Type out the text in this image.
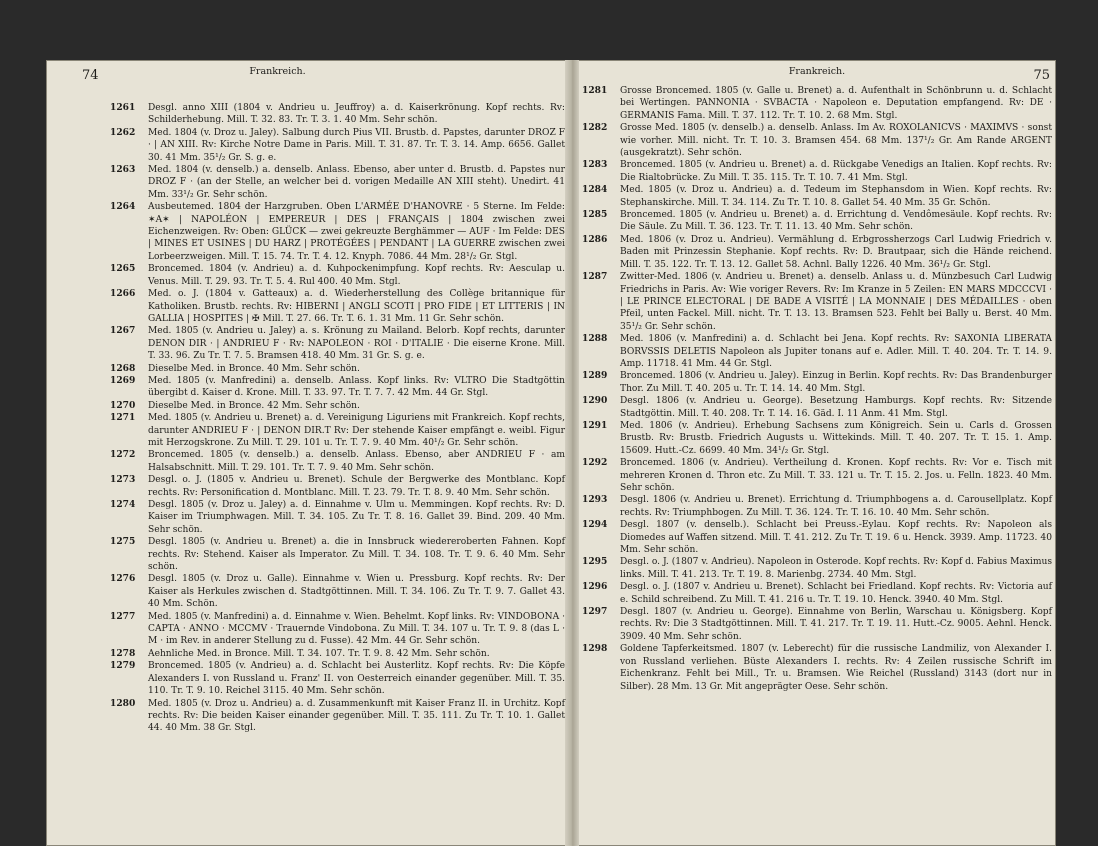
74	Frankreich.
1261	Desgl. anno XIII (1804 v. Andrieu u. Jeuffroy) a. d. Kaiserkrönung. Kopf rechts. Rv: Schilderhebung. Mill. T. 32. 83. Tr. T. 3. 1. 40 Mm. Sehr schön.
1262	Med. 1804 (v. Droz u. Jaley). Salbung durch Pius VII. Brustb. d. Papstes, darunter DROZ F · | AN XIII. Rv: Kirche Notre Dame in Paris. Mill. T. 31. 87. Tr. T. 3. 14. Amp. 6656. Gallet 30. 41 Mm. 35¹/₂ Gr. S. g. e.
1263	Med. 1804 (v. denselb.) a. denselb. Anlass. Ebenso, aber unter d. Brustb. d. Papstes nur DROZ F · (an der Stelle, an welcher bei d. vorigen Medaille AN XIII steht). Unedirt. 41 Mm. 33¹/₂ Gr. Sehr schön.
1264	Ausbeutemed. 1804 der Harzgruben. Oben L'ARMÉE D'HANOVRE · 5 Sterne. Im Felde: ✶A✶ | NAPOLÉON | EMPEREUR | DES | FRANÇAIS | 1804 zwischen zwei Eichenzweigen. Rv: Oben: GLÜCK — zwei gekreuzte Berghämmer — AUF · Im Felde: DES | MINES ET USINES | DU HARZ | PROTÉGÉES | PENDANT | LA GUERRE zwischen zwei Lorbeerzweigen. Mill. T. 15. 74. Tr. T. 4. 12. Knyph. 7086. 44 Mm. 28¹/₂ Gr. Stgl.
1265	Broncemed. 1804 (v. Andrieu) a. d. Kuhpockenimpfung. Kopf rechts. Rv: Aesculap u. Venus. Mill. T. 29. 93. Tr. T. 5. 4. Rul 400. 40 Mm. Stgl.
1266	Med. o. J. (1804 v. Gatteaux) a. d. Wiederherstellung des Collège britannique für Katholiken. Brustb. rechts. Rv: HIBERNI | ANGLI SCOTI | PRO FIDE | ET LITTERIS | IN GALLIA | HOSPITES | ✠ Mill. T. 27. 66. Tr. T. 6. 1. 31 Mm. 11 Gr. Sehr schön.
1267	Med. 1805 (v. Andrieu u. Jaley) a. s. Krönung zu Mailand. Belorb. Kopf rechts, darunter DENON DIR · | ANDRIEU F · Rv: NAPOLEON · ROI · D'ITALIE · Die eiserne Krone. Mill. T. 33. 96. Zu Tr. T. 7. 5. Bramsen 418. 40 Mm. 31 Gr. S. g. e.
1268	Dieselbe Med. in Bronce. 40 Mm. Sehr schön.
1269	Med. 1805 (v. Manfredini) a. denselb. Anlass. Kopf links. Rv: VLTRO Die Stadtgöttin übergibt d. Kaiser d. Krone. Mill. T. 33. 97. Tr. T. 7. 7. 42 Mm. 44 Gr. Stgl.
1270	Dieselbe Med. in Bronce. 42 Mm. Sehr schön.
1271	Med. 1805 (v. Andrieu u. Brenet) a. d. Vereinigung Liguriens mit Frankreich. Kopf rechts, darunter ANDRIEU F · | DENON DIR.T Rv: Der stehende Kaiser empfängt e. weibl. Figur mit Herzogskrone. Zu Mill. T. 29. 101 u. Tr. T. 7. 9. 40 Mm. 40¹/₂ Gr. Sehr schön.
1272	Broncemed. 1805 (v. denselb.) a. denselb. Anlass. Ebenso, aber ANDRIEU F · am Halsabschnitt. Mill. T. 29. 101. Tr. T. 7. 9. 40 Mm. Sehr schön.
1273	Desgl. o. J. (1805 v. Andrieu u. Brenet). Schule der Bergwerke des Montblanc. Kopf rechts. Rv: Personification d. Montblanc. Mill. T. 23. 79. Tr. T. 8. 9. 40 Mm. Sehr schön.
1274	Desgl. 1805 (v. Droz u. Jaley) a. d. Einnahme v. Ulm u. Memmingen. Kopf rechts. Rv: D. Kaiser im Triumphwagen. Mill. T. 34. 105. Zu Tr. T. 8. 16. Gallet 39. Bind. 209. 40 Mm. Sehr schön.
1275	Desgl. 1805 (v. Andrieu u. Brenet) a. die in Innsbruck wiedereroberten Fahnen. Kopf rechts. Rv: Stehend. Kaiser als Imperator. Zu Mill. T. 34. 108. Tr. T. 9. 6. 40 Mm. Sehr schön.
1276	Desgl. 1805 (v. Droz u. Galle). Einnahme v. Wien u. Pressburg. Kopf rechts. Rv: Der Kaiser als Herkules zwischen d. Stadtgöttinnen. Mill. T. 34. 106. Zu Tr. T. 9. 7. Gallet 43. 40 Mm. Schön.
1277	Med. 1805 (v. Manfredini) a. d. Einnahme v. Wien. Behelmt. Kopf links. Rv: VINDOBONA · CAPTA · ANNO · MCCMV · Trauernde Vindobona. Zu Mill. T. 34. 107 u. Tr. T. 9. 8 (das L · M · im Rev. in anderer Stellung zu d. Fusse). 42 Mm. 44 Gr. Sehr schön.
1278	Aehnliche Med. in Bronce. Mill. T. 34. 107. Tr. T. 9. 8. 42 Mm. Sehr schön.
1279	Broncemed. 1805 (v. Andrieu) a. d. Schlacht bei Austerlitz. Kopf rechts. Rv: Die Köpfe Alexanders I. von Russland u. Franz' II. von Oesterreich einander gegenüber. Mill. T. 35. 110. Tr. T. 9. 10. Reichel 3115. 40 Mm. Sehr schön.
1280	Med. 1805 (v. Droz u. Andrieu) a. d. Zusammenkunft mit Kaiser Franz II. in Urchitz. Kopf rechts. Rv: Die beiden Kaiser einander gegenüber. Mill. T. 35. 111. Zu Tr. T. 10. 1. Gallet 44. 40 Mm. 38 Gr. Stgl.
Frankreich.	75
1281	Grosse Broncemed. 1805 (v. Galle u. Brenet) a. d. Aufenthalt in Schönbrunn u. d. Schlacht bei Wertingen. PANNONIA · SVBACTA · Napoleon e. Deputation empfangend. Rv: DE · GERMANIS Fama. Mill. T. 37. 112. Tr. T. 10. 2. 68 Mm. Stgl.
1282	Grosse Med. 1805 (v. denselb.) a. denselb. Anlass. Im Av. ROXOLANICVS · MAXIMVS · sonst wie vorher. Mill. nicht. Tr. T. 10. 3. Bramsen 454. 68 Mm. 137¹/₂ Gr. Am Rande ARGENT (ausgekratzt). Sehr schön.
1283	Broncemed. 1805 (v. Andrieu u. Brenet) a. d. Rückgabe Venedigs an Italien. Kopf rechts. Rv: Die Rialtobrücke. Zu Mill. T. 35. 115. Tr. T. 10. 7. 41 Mm. Stgl.
1284	Med. 1805 (v. Droz u. Andrieu) a. d. Tedeum im Stephansdom in Wien. Kopf rechts. Rv: Stephanskirche. Mill. T. 34. 114. Zu Tr. T. 10. 8. Gallet 54. 40 Mm. 35 Gr. Schön.
1285	Broncemed. 1805 (v. Andrieu u. Brenet) a. d. Errichtung d. Vendômesäule. Kopf rechts. Rv: Die Säule. Zu Mill. T. 36. 123. Tr. T. 11. 13. 40 Mm. Sehr schön.
1286	Med. 1806 (v. Droz u. Andrieu). Vermählung d. Erbgrossherzogs Carl Ludwig Friedrich v. Baden mit Prinzessin Stephanie. Kopf rechts. Rv: D. Brautpaar, sich die Hände reichend. Mill. T. 35. 122. Tr. T. 13. 12. Gallet 58. Achnl. Bally 1226. 40 Mm. 36¹/₂ Gr. Stgl.
1287	Zwitter-Med. 1806 (v. Andrieu u. Brenet) a. denselb. Anlass u. d. Münzbesuch Carl Ludwig Friedrichs in Paris. Av: Wie voriger Revers. Rv: Im Kranze in 5 Zeilen: EN MARS MDCCCVI · | LE PRINCE ELECTORAL | DE BADE A VISITÉ | LA MONNAIE | DES MÉDAILLES · oben Pfeil, unten Fackel. Mill. nicht. Tr. T. 13. 13. Bramsen 523. Fehlt bei Bally u. Berst. 40 Mm. 35¹/₂ Gr. Sehr schön.
1288	Med. 1806 (v. Manfredini) a. d. Schlacht bei Jena. Kopf rechts. Rv: SAXONIA LIBERATA BORVSSIS DELETIS Napoleon als Jupiter tonans auf e. Adler. Mill. T. 40. 204. Tr. T. 14. 9. Amp. 11718. 41 Mm. 44 Gr. Stgl.
1289	Broncemed. 1806 (v. Andrieu u. Jaley). Einzug in Berlin. Kopf rechts. Rv: Das Brandenburger Thor. Zu Mill. T. 40. 205 u. Tr. T. 14. 14. 40 Mm. Stgl.
1290	Desgl. 1806 (v. Andrieu u. George). Besetzung Hamburgs. Kopf rechts. Rv: Sitzende Stadtgöttin. Mill. T. 40. 208. Tr. T. 14. 16. Gäd. I. 11 Anm. 41 Mm. Stgl.
1291	Med. 1806 (v. Andrieu). Erhebung Sachsens zum Königreich. Sein u. Carls d. Grossen Brustb. Rv: Brustb. Friedrich Augusts u. Wittekinds. Mill. T. 40. 207. Tr. T. 15. 1. Amp. 15609. Hutt.-Cz. 6699. 40 Mm. 34¹/₂ Gr. Stgl.
1292	Broncemed. 1806 (v. Andrieu). Vertheilung d. Kronen. Kopf rechts. Rv: Vor e. Tisch mit mehreren Kronen d. Thron etc. Zu Mill. T. 33. 121 u. Tr. T. 15. 2. Jos. u. Felln. 1823. 40 Mm. Sehr schön.
1293	Desgl. 1806 (v. Andrieu u. Brenet). Errichtung d. Triumphbogens a. d. Carousellplatz. Kopf rechts. Rv: Triumphbogen. Zu Mill. T. 36. 124. Tr. T. 16. 10. 40 Mm. Sehr schön.
1294	Desgl. 1807 (v. denselb.). Schlacht bei Preuss.-Eylau. Kopf rechts. Rv: Napoleon als Diomedes auf Waffen sitzend. Mill. T. 41. 212. Zu Tr. T. 19. 6 u. Henck. 3939. Amp. 11723. 40 Mm. Sehr schön.
1295	Desgl. o. J. (1807 v. Andrieu). Napoleon in Osterode. Kopf rechts. Rv: Kopf d. Fabius Maximus links. Mill. T. 41. 213. Tr. T. 19. 8. Marienbg. 2734. 40 Mm. Stgl.
1296	Desgl. o. J. (1807 v. Andrieu u. Brenet). Schlacht bei Friedland. Kopf rechts. Rv: Victoria auf e. Schild schreibend. Zu Mill. T. 41. 216 u. Tr. T. 19. 10. Henck. 3940. 40 Mm. Stgl.
1297	Desgl. 1807 (v. Andrieu u. George). Einnahme von Berlin, Warschau u. Königsberg. Kopf rechts. Rv: Die 3 Stadtgöttinnen. Mill. T. 41. 217. Tr. T. 19. 11. Hutt.-Cz. 9005. Aehnl. Henck. 3909. 40 Mm. Sehr schön.
1298	Goldene Tapferkeitsmed. 1807 (v. Leberecht) für die russische Landmiliz, von Alexander I. von Russland verliehen. Büste Alexanders I. rechts. Rv: 4 Zeilen russische Schrift im Eichenkranz. Fehlt bei Mill., Tr. u. Bramsen. Wie Reichel (Russland) 3143 (dort nur in Silber). 28 Mm. 13 Gr. Mit angeprägter Oese. Sehr schön.
